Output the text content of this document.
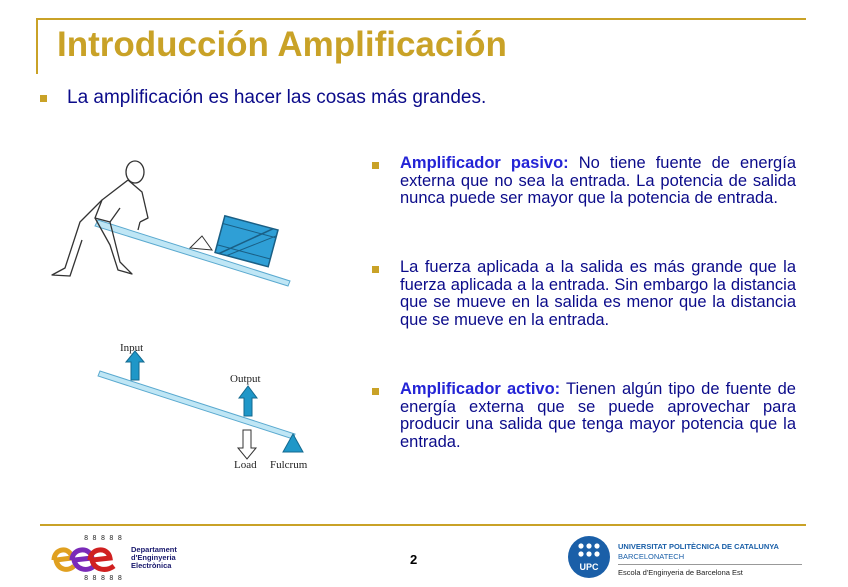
Introducción Amplificación
La amplificación es hacer las cosas más grandes.
Input
Output
Load Fulcrum
Amplificador pasivo: No tiene fuente de energía externa que no sea la entrada. La potencia de salida nunca puede ser mayor que la potencia de entrada.
La fuerza aplicada a la salida es más grande que la fuerza aplicada a la entrada. Sin embargo la distancia que se mueve en la salida es menor que la distancia que se mueve en la entrada.
Amplificador activo: Tienen algún tipo de fuente de energía externa que se puede aprovechar para producir una salida que tenga mayor potencia que la entrada.
8 8 8 8 8
8 8 8 8 8
Departament
d'Enginyeria
Electrònica	2	UPC
UNIVERSITAT POLITÈCNICA DE CATALUNYA
BARCELONATECH
Escola d'Enginyeria de Barcelona Est
